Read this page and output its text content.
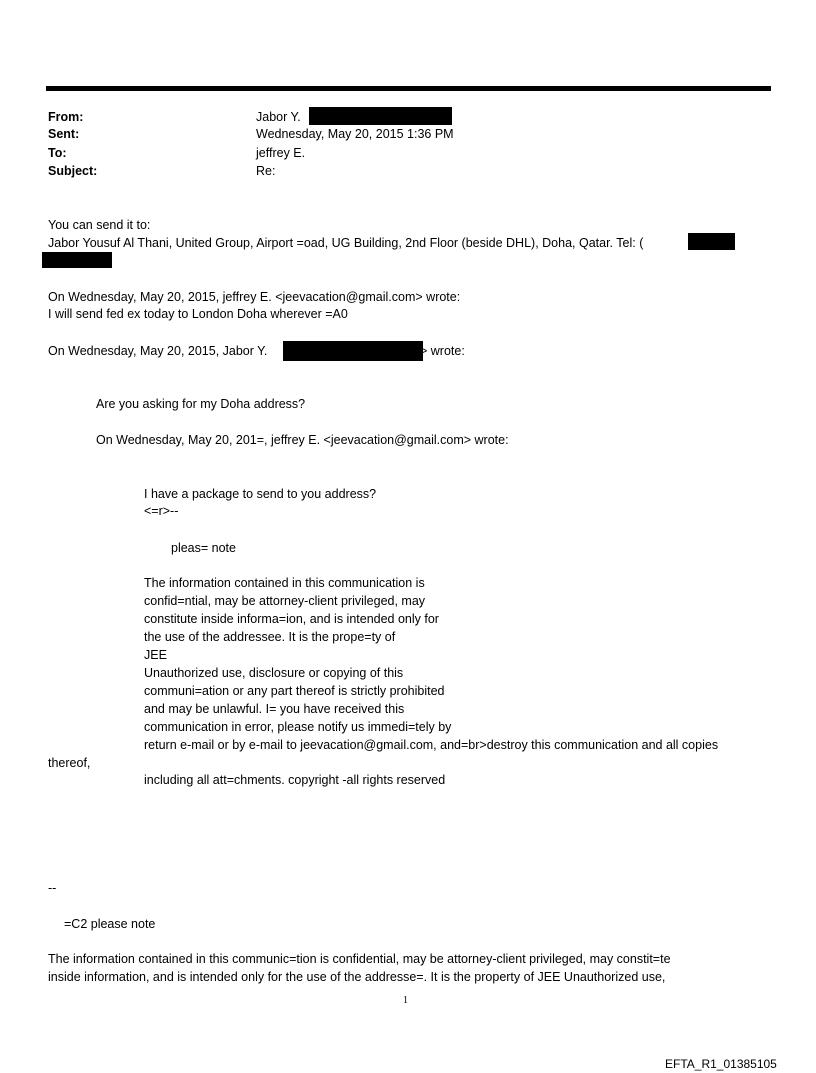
From:	Jabor Y.
Sent:	Wednesday, May 20, 2015 1:36 PM
To:	jeffrey E.
Subject:	Re:
You can send it to:
Jabor Yousuf Al Thani, United Group, Airport =oad, UG Building, 2nd Floor (beside DHL), Doha, Qatar. Tel: (
On Wednesday, May 20, 2015, jeffrey E. <jeevacation@gmail.com> wrote:
I will send fed ex today to London Doha wherever =A0
On Wednesday, May 20, 2015, Jabor Y.	> wrote:
Are you asking for my Doha address?
On Wednesday, May 20, 201=, jeffrey E. <jeevacation@gmail.com> wrote:
I have a package to send to you address?
<=r>--
pleas= note
The information contained in this communication is
confid=ntial, may be attorney-client privileged, may
constitute inside informa=ion, and is intended only for
the use of the addressee. It is the prope=ty of
JEE
Unauthorized use, disclosure or copying of this
communi=ation or any part thereof is strictly prohibited
and may be unlawful. I= you have received this
communication in error, please notify us immedi=tely by
return e-mail or by e-mail to jeevacation@gmail.com, and=br>destroy this communication and all copies
thereof,
including all att=chments. copyright -all rights reserved
--
=C2 please note
The information contained in this communic=tion is confidential, may be attorney-client privileged, may constit=te
inside information, and is intended only for the use of the addresse=. It is the property of JEE Unauthorized use,
1
EFTA_R1_01385105
